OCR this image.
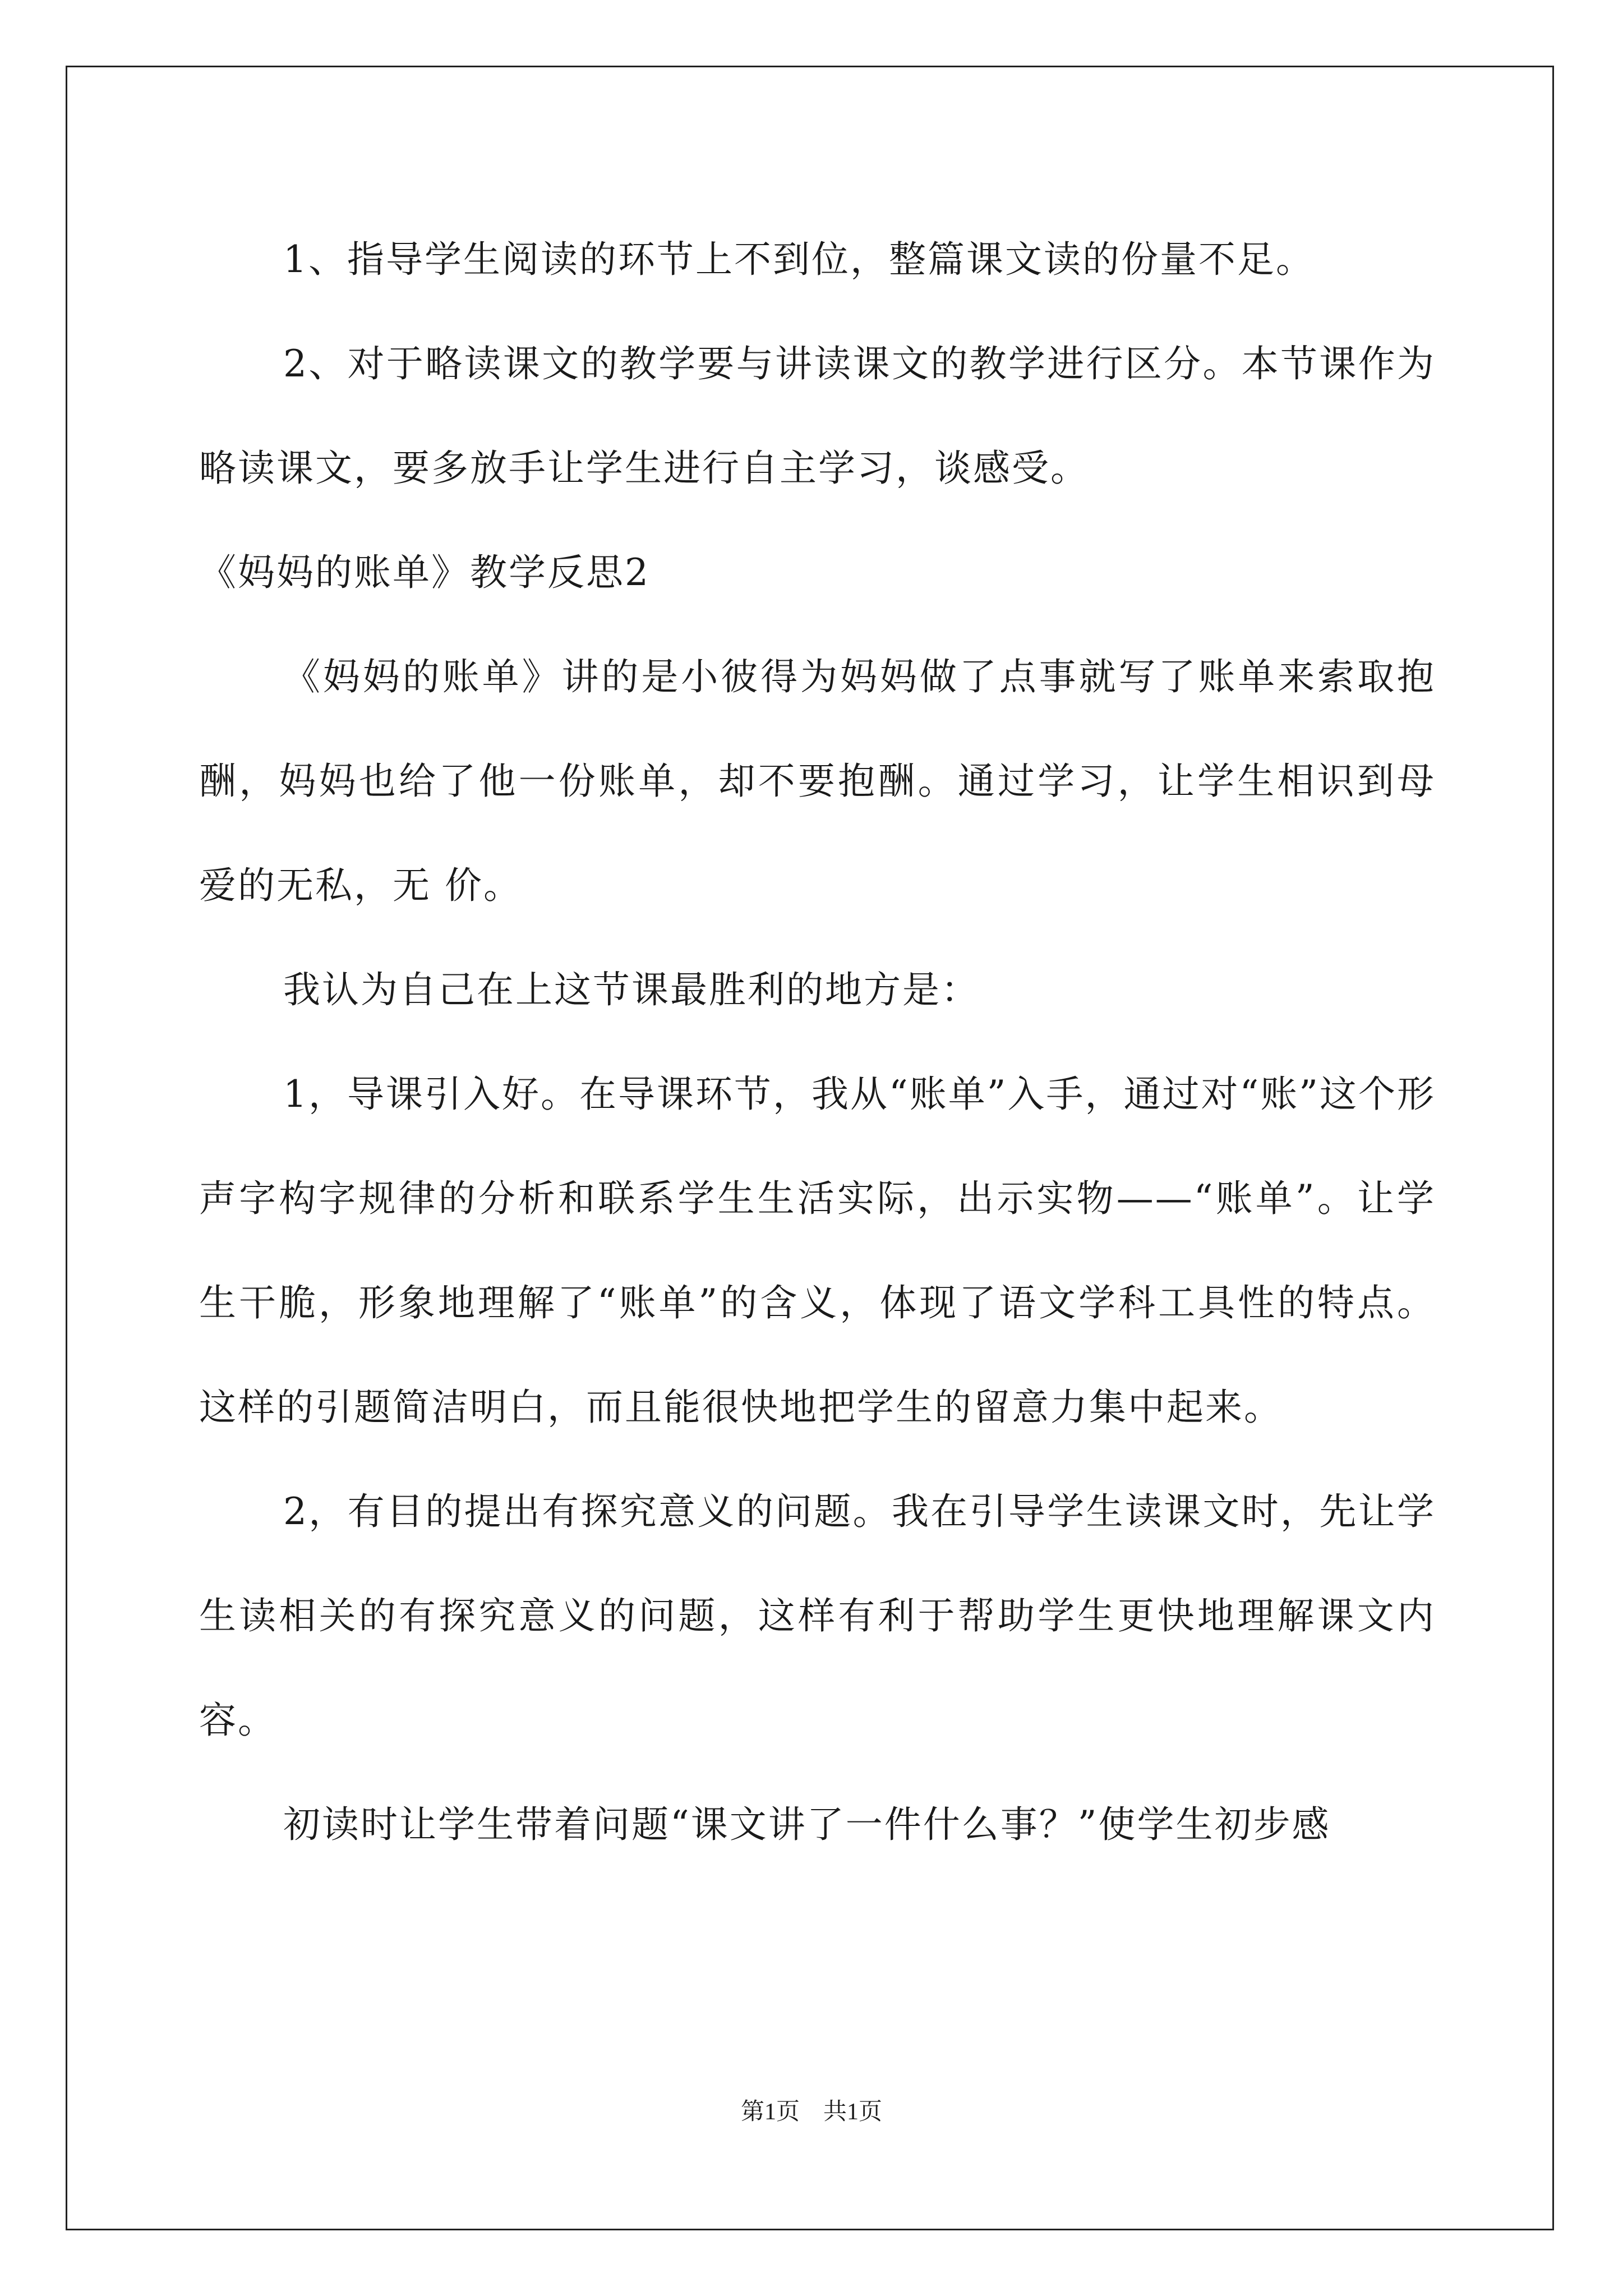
1、指导学生阅读的环节上不到位，整篇课文读的份量不足。

2、对于略读课文的教学要与讲读课文的教学进行区分。本节课作为略读课文，要多放手让学生进行自主学习，谈感受。

《妈妈的账单》教学反思2

《妈妈的账单》讲的是小彼得为妈妈做了点事就写了账单来索取抱酬，妈妈也给了他一份账单，却不要抱酬。通过学习，让学生相识到母爱的无私，无 价。

我认为自己在上这节课最胜利的地方是：

1，导课引入好。在导课环节，我从“账单”入手，通过对“账”这个形声字构字规律的分析和联系学生生活实际，出示实物——“账单”。让学生干脆，形象地理解了“账单”的含义，体现了语文学科工具性的特点。这样的引题简洁明白，而且能很快地把学生的留意力集中起来。

2，有目的提出有探究意义的问题。我在引导学生读课文时，先让学生读相关的有探究意义的问题，这样有利于帮助学生更快地理解课文内容。

初读时让学生带着问题“课文讲了一件什么事？”使学生初步感

第1页　共1页
